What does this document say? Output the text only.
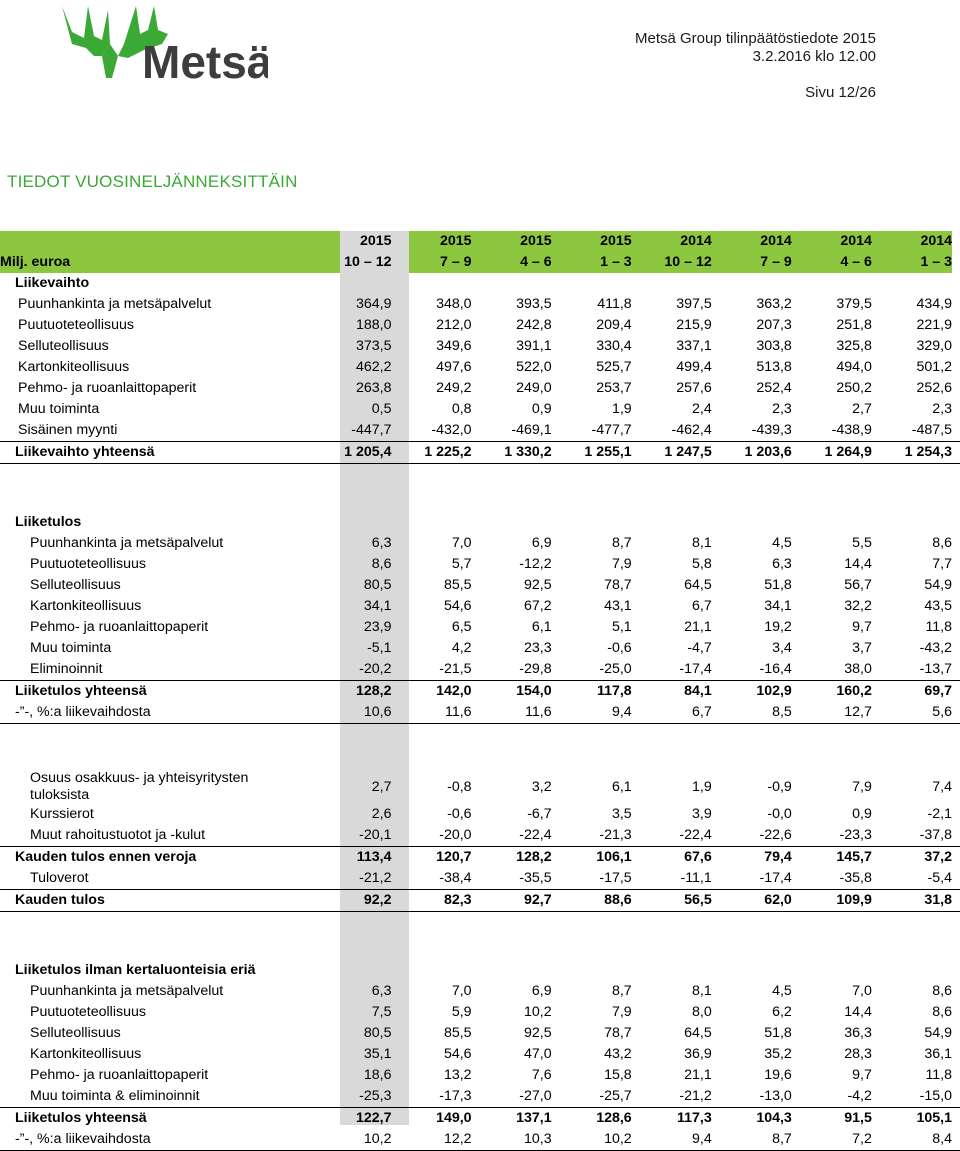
Metsä	Metsä Group tilinpäätöstiedote 2015
3.2.2016 klo 12.00
Sivu 12/26
TIEDOT VUOSINELJÄNNEKSITTÄIN
	2015	2015	2015	2015	2014	2014	2014	2014
Milj. euroa	10 – 12	7 – 9	4 – 6	1 – 3	10 – 12	7 – 9	4 – 6	1 – 3
Liikevaihto								
Puunhankinta ja metsäpalvelut	364,9	348,0	393,5	411,8	397,5	363,2	379,5	434,9
Puutuoteteollisuus	188,0	212,0	242,8	209,4	215,9	207,3	251,8	221,9
Selluteollisuus	373,5	349,6	391,1	330,4	337,1	303,8	325,8	329,0
Kartonkiteollisuus	462,2	497,6	522,0	525,7	499,4	513,8	494,0	501,2
Pehmo- ja ruoanlaittopaperit	263,8	249,2	249,0	253,7	257,6	252,4	250,2	252,6
Muu toiminta	0,5	0,8	0,9	1,9	2,4	2,3	2,7	2,3
Sisäinen myynti	-447,7	-432,0	-469,1	-477,7	-462,4	-439,3	-438,9	-487,5
Liikevaihto yhteensä	1 205,4	1 225,2	1 330,2	1 255,1	1 247,5	1 203,6	1 264,9	1 254,3

Liiketulos								
Puunhankinta ja metsäpalvelut	6,3	7,0	6,9	8,7	8,1	4,5	5,5	8,6
Puutuoteteollisuus	8,6	5,7	-12,2	7,9	5,8	6,3	14,4	7,7
Selluteollisuus	80,5	85,5	92,5	78,7	64,5	51,8	56,7	54,9
Kartonkiteollisuus	34,1	54,6	67,2	43,1	6,7	34,1	32,2	43,5
Pehmo- ja ruoanlaittopaperit	23,9	6,5	6,1	5,1	21,1	19,2	9,7	11,8
Muu toiminta	-5,1	4,2	23,3	-0,6	-4,7	3,4	3,7	-43,2
Eliminoinnit	-20,2	-21,5	-29,8	-25,0	-17,4	-16,4	38,0	-13,7
Liiketulos yhteensä	128,2	142,0	154,0	117,8	84,1	102,9	160,2	69,7
-”-, %:a liikevaihdosta	10,6	11,6	11,6	9,4	6,7	8,5	12,7	5,6

Osuus osakkuus- ja yhteisyritysten tuloksista	2,7	-0,8	3,2	6,1	1,9	-0,9	7,9	7,4
Kurssierot	2,6	-0,6	-6,7	3,5	3,9	-0,0	0,9	-2,1
Muut rahoitustuotot ja -kulut	-20,1	-20,0	-22,4	-21,3	-22,4	-22,6	-23,3	-37,8
Kauden tulos ennen veroja	113,4	120,7	128,2	106,1	67,6	79,4	145,7	37,2
Tuloverot	-21,2	-38,4	-35,5	-17,5	-11,1	-17,4	-35,8	-5,4
Kauden tulos	92,2	82,3	92,7	88,6	56,5	62,0	109,9	31,8

Liiketulos ilman kertaluonteisia eriä								
Puunhankinta ja metsäpalvelut	6,3	7,0	6,9	8,7	8,1	4,5	7,0	8,6
Puutuoteteollisuus	7,5	5,9	10,2	7,9	8,0	6,2	14,4	8,6
Selluteollisuus	80,5	85,5	92,5	78,7	64,5	51,8	36,3	54,9
Kartonkiteollisuus	35,1	54,6	47,0	43,2	36,9	35,2	28,3	36,1
Pehmo- ja ruoanlaittopaperit	18,6	13,2	7,6	15,8	21,1	19,6	9,7	11,8
Muu toiminta & eliminoinnit	-25,3	-17,3	-27,0	-25,7	-21,2	-13,0	-4,2	-15,0
Liiketulos yhteensä	122,7	149,0	137,1	128,6	117,3	104,3	91,5	105,1
-”-, %:a liikevaihdosta	10,2	12,2	10,3	10,2	9,4	8,7	7,2	8,4
